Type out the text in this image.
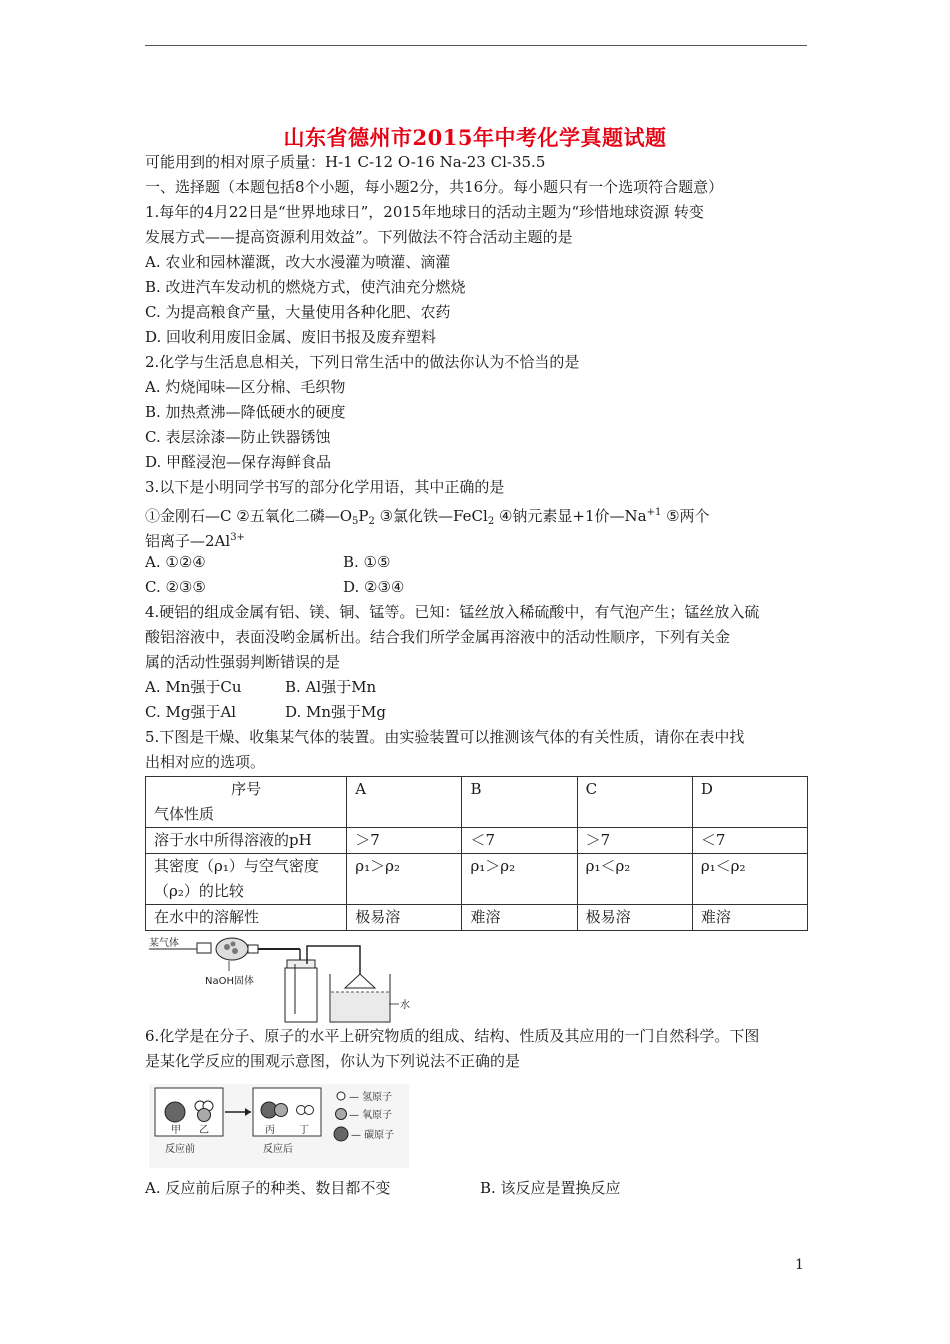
山东省德州市2015年中考化学真题试题
可能用到的相对原子质量：H-1 C-12 O-16 Na-23 Cl-35.5
一、选择题（本题包括8个小题，每小题2分，共16分。每小题只有一个选项符合题意）
1.每年的4月22日是“世界地球日”，2015年地球日的活动主题为“珍惜地球资源 转变
发展方式——提高资源利用效益”。下列做法不符合活动主题的是
A. 农业和园林灌溉，改大水漫灌为喷灌、滴灌
B. 改进汽车发动机的燃烧方式，使汽油充分燃烧
C. 为提高粮食产量，大量使用各种化肥、农药
D. 回收利用废旧金属、废旧书报及废弃塑料
2.化学与生活息息相关，下列日常生活中的做法你认为不恰当的是
A. 灼烧闻味—区分棉、毛织物
B. 加热煮沸—降低硬水的硬度
C. 表层涂漆—防止铁器锈蚀
D. 甲醛浸泡—保存海鲜食品
3.以下是小明同学书写的部分化学用语，其中正确的是
①金刚石—C ②五氧化二磷$—O_5P_2$ ③氯化铁—FeCl$_2$ ④钠元素显+1价$—Na^{+1}$ ⑤两个
铝离子$—2Al^{3+}$
A. ①②④	B. ①⑤
C. ②③⑤	D. ②③④
4.硬铝的组成金属有铝、镁、铜、锰等。已知：锰丝放入稀硫酸中，有气泡产生；锰丝放入硫
酸铝溶液中，表面没哟金属析出。结合我们所学金属再溶液中的活动性顺序，下列有关金
属的活动性强弱判断错误的是
A. Mn强于Cu	B. Al强于Mn
C. Mg强于Al	D. Mn强于Mg
5.下图是干燥、收集某气体的装置。由实验装置可以推测该气体的有关性质，请你在表中找
出相对应的选项。
序号
气体性质	A	B	C	D
溶于水中所得溶液的pH	＞7	＜7	＞7	＜7

其密度（ρ₁）与空气密度
（ρ₂）的比较	ρ₁＞ρ₂	ρ₁＞ρ₂	ρ₁＜ρ₂	ρ₁＜ρ₂
在水中的溶解性	极易溶	难溶	极易溶	难溶
某气体
NaOH固体
水
6.化学是在分子、原子的水平上研究物质的组成、结构、性质及其应用的一门自然科学。下图
是某化学反应的围观示意图，你认为下列说法不正确的是
甲 乙
反应前
丙 丁
反应后
— 氢原子
— 氧原子
— 碳原子
A. 反应前后原子的种类、数目都不变	B. 该反应是置换反应
1
